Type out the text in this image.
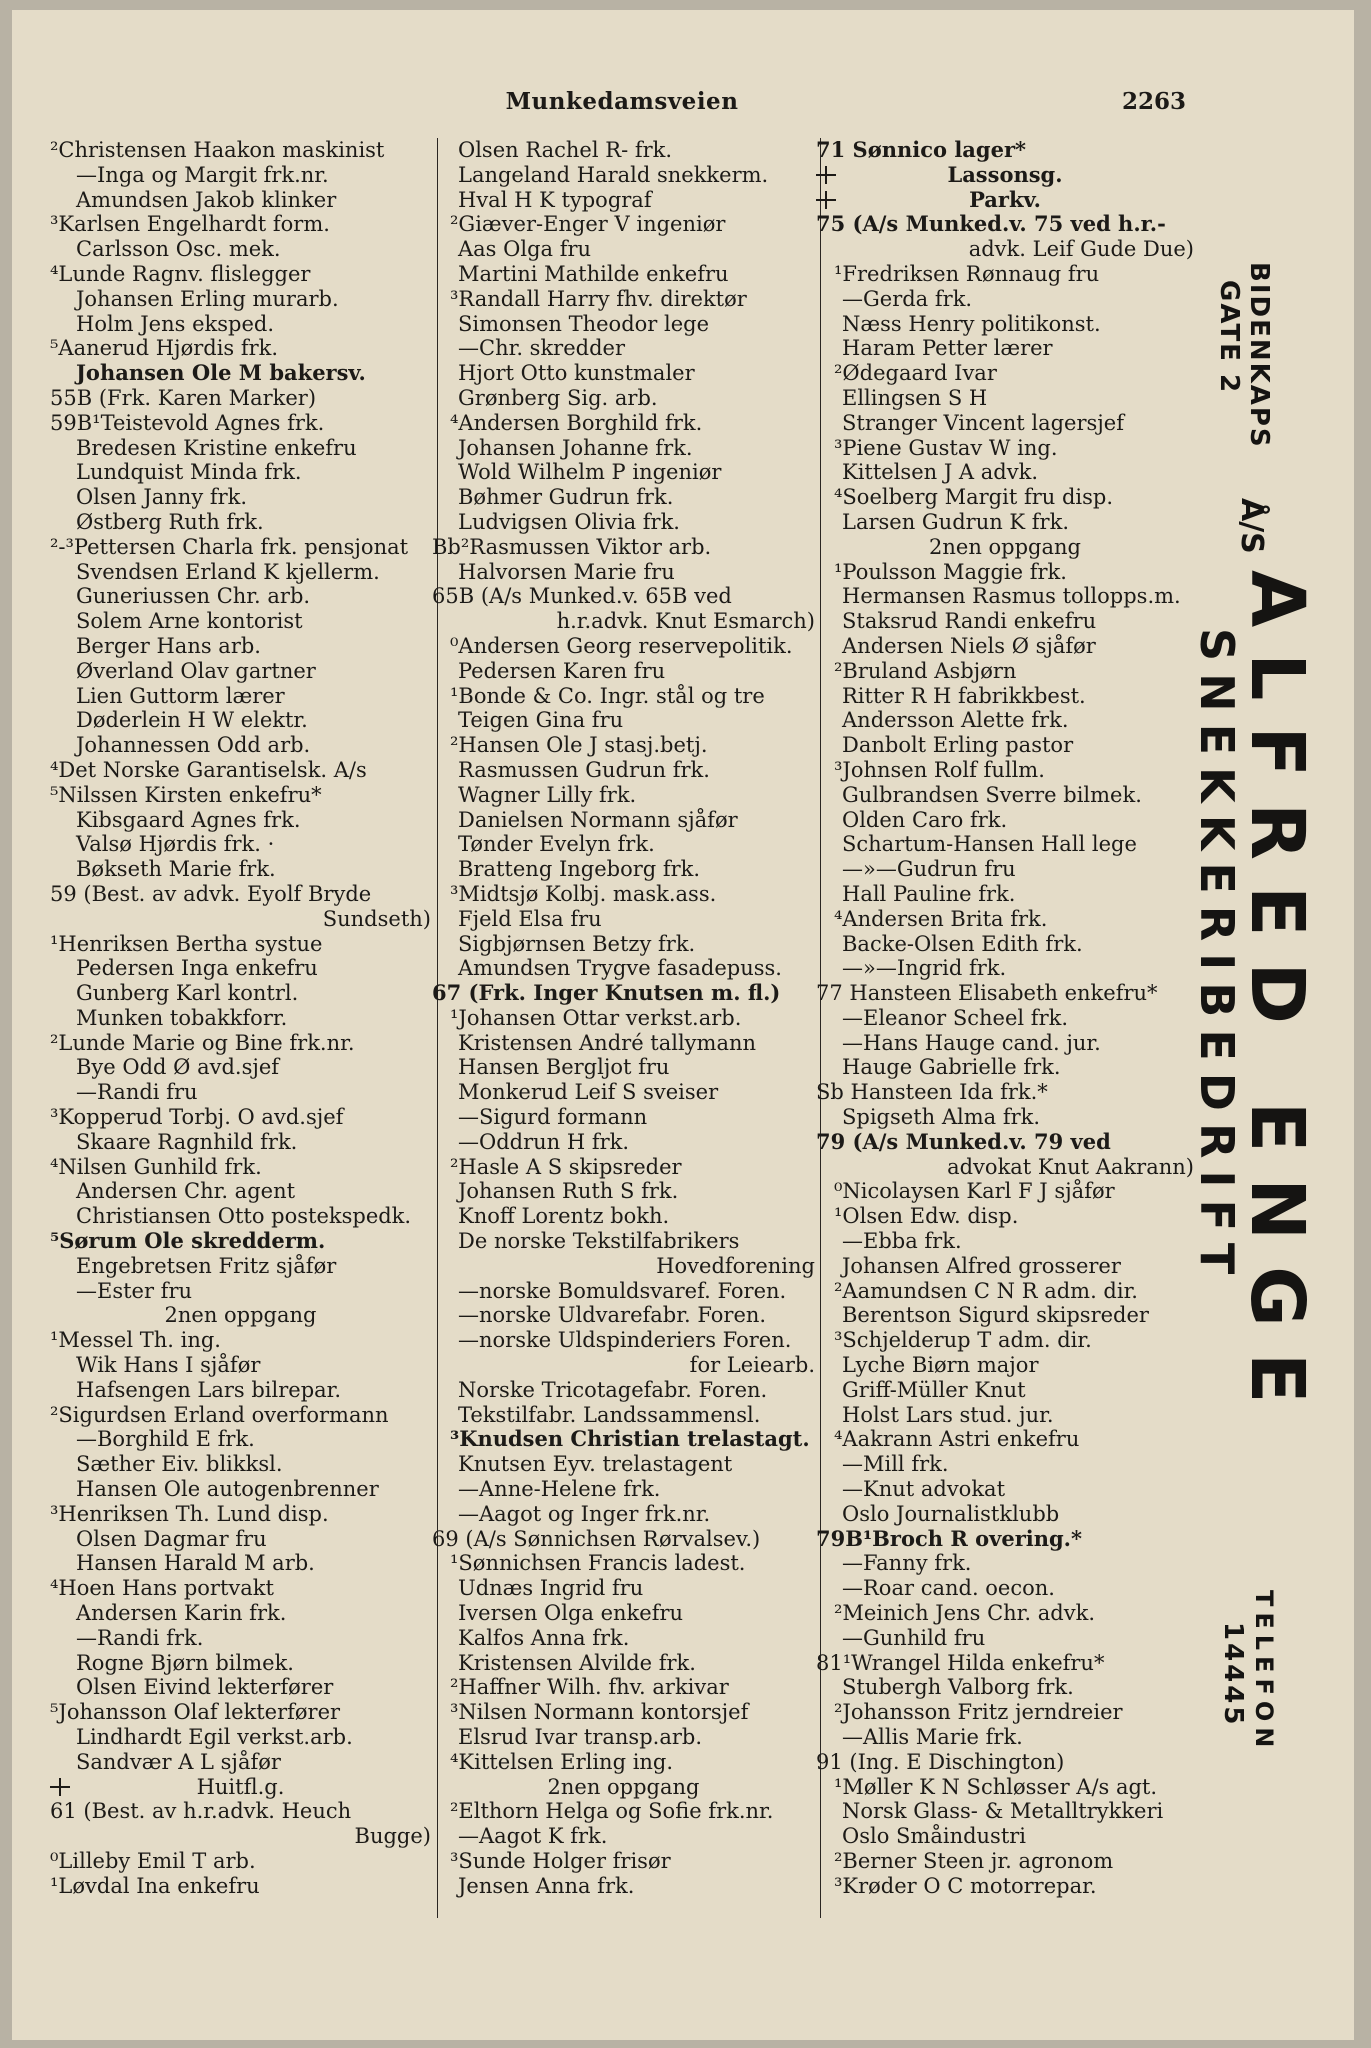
Munkedamsveien	2263
²Christensen Haakon maskinist
—Inga og Margit frk.nr.
Amundsen Jakob klinker
³Karlsen Engelhardt form.
Carlsson Osc. mek.
⁴Lunde Ragnv. flislegger
Johansen Erling murarb.
Holm Jens eksped.
⁵Aanerud Hjørdis frk.
Johansen Ole M bakersv.
55B (Frk. Karen Marker)
59B¹Teistevold Agnes frk.
Bredesen Kristine enkefru
Lundquist Minda frk.
Olsen Janny frk.
Østberg Ruth frk.
²-³Pettersen Charla frk. pensjonat
Svendsen Erland K kjellerm.
Guneriussen Chr. arb.
Solem Arne kontorist
Berger Hans arb.
Øverland Olav gartner
Lien Guttorm lærer
Døderlein H W elektr.
Johannessen Odd arb.
⁴Det Norske Garantiselsk. A/s
⁵Nilssen Kirsten enkefru*
Kibsgaard Agnes frk.
Valsø Hjørdis frk. ·
Bøkseth Marie frk.
59 (Best. av advk. Eyolf Bryde
Sundseth)
¹Henriksen Bertha systue
Pedersen Inga enkefru
Gunberg Karl kontrl.
Munken tobakkforr.
²Lunde Marie og Bine frk.nr.
Bye Odd Ø avd.sjef
—Randi fru
³Kopperud Torbj. O avd.sjef
Skaare Ragnhild frk.
⁴Nilsen Gunhild frk.
Andersen Chr. agent
Christiansen Otto postekspedk.
⁵Sørum Ole skredderm.
Engebretsen Fritz sjåfør
—Ester fru
2nen oppgang
¹Messel Th. ing.
Wik Hans I sjåfør
Hafsengen Lars bilrepar.
²Sigurdsen Erland overformann
—Borghild E frk.
Sæther Eiv. blikksl.
Hansen Ole autogenbrenner
³Henriksen Th. Lund disp.
Olsen Dagmar fru
Hansen Harald M arb.
⁴Hoen Hans portvakt
Andersen Karin frk.
—Randi frk.
Rogne Bjørn bilmek.
Olsen Eivind lekterfører
⁵Johansson Olaf lekterfører
Lindhardt Egil verkst.arb.
Sandvær A L sjåfør
Huitfl.g.
61 (Best. av h.r.advk. Heuch
Bugge)
⁰Lilleby Emil T arb.
¹Løvdal Ina enkefru
Olsen Rachel R- frk.
Langeland Harald snekkerm.
Hval H K typograf
²Giæver-Enger V ingeniør
Aas Olga fru
Martini Mathilde enkefru
³Randall Harry fhv. direktør
Simonsen Theodor lege
—Chr. skredder
Hjort Otto kunstmaler
Grønberg Sig. arb.
⁴Andersen Borghild frk.
Johansen Johanne frk.
Wold Wilhelm P ingeniør
Bøhmer Gudrun frk.
Ludvigsen Olivia frk.
Bb²Rasmussen Viktor arb.
Halvorsen Marie fru
65B (A/s Munked.v. 65B ved
h.r.advk. Knut Esmarch)
⁰Andersen Georg reservepolitik.
Pedersen Karen fru
¹Bonde & Co. Ingr. stål og tre
Teigen Gina fru
²Hansen Ole J stasj.betj.
Rasmussen Gudrun frk.
Wagner Lilly frk.
Danielsen Normann sjåfør
Tønder Evelyn frk.
Bratteng Ingeborg frk.
³Midtsjø Kolbj. mask.ass.
Fjeld Elsa fru
Sigbjørnsen Betzy frk.
Amundsen Trygve fasadepuss.
67 (Frk. Inger Knutsen m. fl.)
¹Johansen Ottar verkst.arb.
Kristensen André tallymann
Hansen Bergljot fru
Monkerud Leif S sveiser
—Sigurd formann
—Oddrun H frk.
²Hasle A S skipsreder
Johansen Ruth S frk.
Knoff Lorentz bokh.
De norske Tekstilfabrikers
Hovedforening
—norske Bomuldsvaref. Foren.
—norske Uldvarefabr. Foren.
—norske Uldspinderiers Foren.
for Leiearb.
Norske Tricotagefabr. Foren.
Tekstilfabr. Landssammensl.
³Knudsen Christian trelastagt.
Knutsen Eyv. trelastagent
—Anne-Helene frk.
—Aagot og Inger frk.nr.
69 (A/s Sønnichsen Rørvalsev.)
¹Sønnichsen Francis ladest.
Udnæs Ingrid fru
Iversen Olga enkefru
Kalfos Anna frk.
Kristensen Alvilde frk.
²Haffner Wilh. fhv. arkivar
³Nilsen Normann kontorsjef
Elsrud Ivar transp.arb.
⁴Kittelsen Erling ing.
2nen oppgang
²Elthorn Helga og Sofie frk.nr.
—Aagot K frk.
³Sunde Holger frisør
Jensen Anna frk.
71 Sønnico lager*
Lassonsg.
Parkv.
75 (A/s Munked.v. 75 ved h.r.-
advk. Leif Gude Due)
¹Fredriksen Rønnaug fru
—Gerda frk.
Næss Henry politikonst.
Haram Petter lærer
²Ødegaard Ivar
Ellingsen S H
Stranger Vincent lagersjef
³Piene Gustav W ing.
Kittelsen J A advk.
⁴Soelberg Margit fru disp.
Larsen Gudrun K frk.
2nen oppgang
¹Poulsson Maggie frk.
Hermansen Rasmus tollopps.m.
Staksrud Randi enkefru
Andersen Niels Ø sjåfør
²Bruland Asbjørn
Ritter R H fabrikkbest.
Andersson Alette frk.
Danbolt Erling pastor
³Johnsen Rolf fullm.
Gulbrandsen Sverre bilmek.
Olden Caro frk.
Schartum-Hansen Hall lege
—»—Gudrun fru
Hall Pauline frk.
⁴Andersen Brita frk.
Backe-Olsen Edith frk.
—»—Ingrid frk.
77 Hansteen Elisabeth enkefru*
—Eleanor Scheel frk.
—Hans Hauge cand. jur.
Hauge Gabrielle frk.
Sb Hansteen Ida frk.*
Spigseth Alma frk.
79 (A/s Munked.v. 79 ved
advokat Knut Aakrann)
⁰Nicolaysen Karl F J sjåfør
¹Olsen Edw. disp.
—Ebba frk.
Johansen Alfred grosserer
²Aamundsen C N R adm. dir.
Berentson Sigurd skipsreder
³Schjelderup T adm. dir.
Lyche Biørn major
Griff-Müller Knut
Holst Lars stud. jur.
⁴Aakrann Astri enkefru
—Mill frk.
—Knut advokat
Oslo Journalistklubb
79B¹Broch R overing.*
—Fanny frk.
—Roar cand. oecon.
²Meinich Jens Chr. advk.
—Gunhild fru
81¹Wrangel Hilda enkefru*
Stubergh Valborg frk.
²Johansson Fritz jerndreier
—Allis Marie frk.
91 (Ing. E Dischington)
¹Møller K N Schløsser A/s agt.
Norsk Glass- & Metalltrykkeri
Oslo Småindustri
²Berner Steen jr. agronom
³Krøder O C motorrepar.
BIDENKAPS
GATE 2
ALFRED ENGE
SNEKKERIBEDRIFT
Å/S
TELEFON
14445
